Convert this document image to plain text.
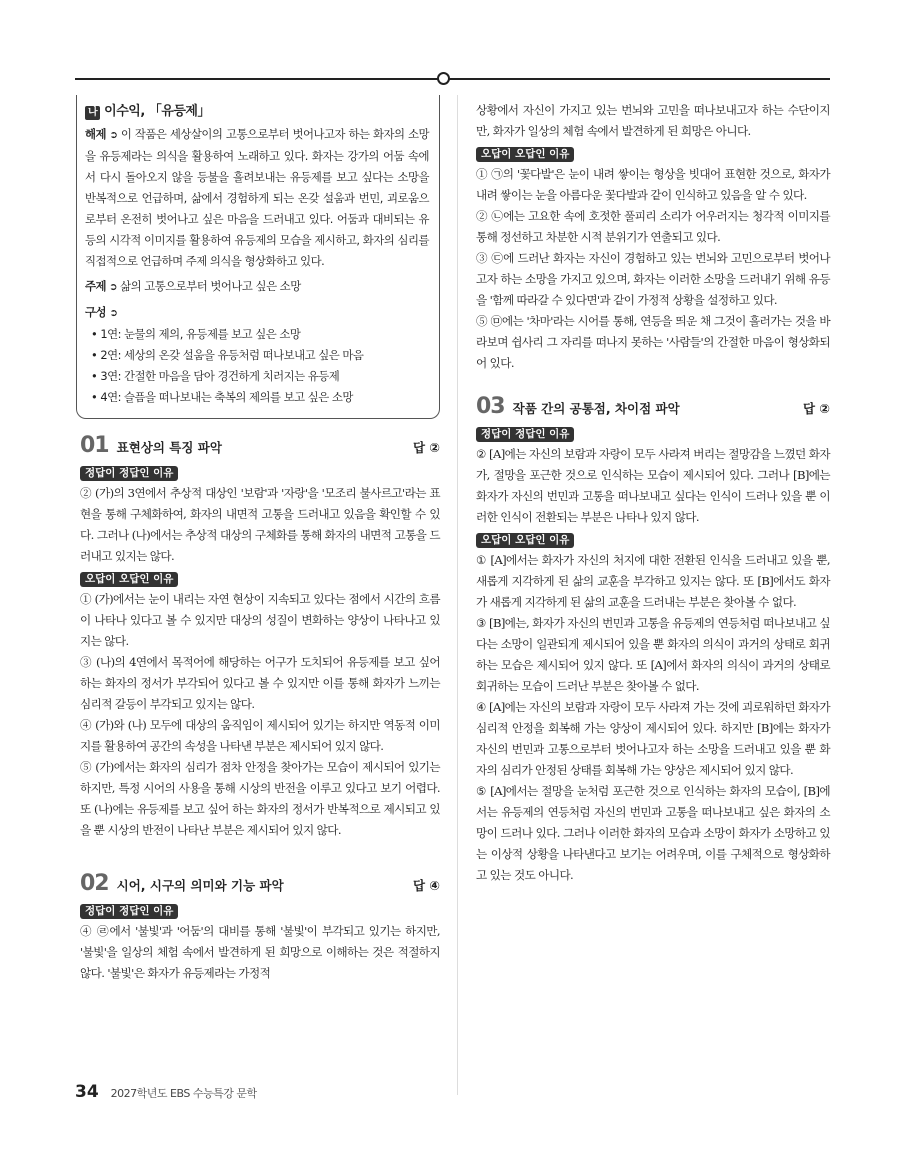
나 이수익, 「유등제」

해제 ➲ 이 작품은 세상살이의 고통으로부터 벗어나고자 하는 화자의 소망을 유등제라는 의식을 활용하여 노래하고 있다. 화자는 강가의 어둠 속에서 다시 돌아오지 않을 등불을 흘려보내는 유등제를 보고 싶다는 소망을 반복적으로 언급하며, 삶에서 경험하게 되는 온갖 설움과 번민, 괴로움으로부터 온전히 벗어나고 싶은 마음을 드러내고 있다. 어둠과 대비되는 유등의 시각적 이미지를 활용하여 유등제의 모습을 제시하고, 화자의 심리를 직접적으로 언급하며 주제 의식을 형상화하고 있다.

주제 ➲ 삶의 고통으로부터 벗어나고 싶은 소망

구성 ➲
• 1연: 눈물의 제의, 유등제를 보고 싶은 소망
• 2연: 세상의 온갖 설움을 유등처럼 떠나보내고 싶은 마음
• 3연: 간절한 마음을 담아 경건하게 치러지는 유등제
• 4연: 슬픔을 떠나보내는 축복의 제의를 보고 싶은 소망
01 표현상의 특징 파악	답 ②
정답이 정답인 이유

② (가)의 3연에서 추상적 대상인 '보람'과 '자랑'을 '모조리 불사르고'라는 표현을 통해 구체화하여, 화자의 내면적 고통을 드러내고 있음을 확인할 수 있다. 그러나 (나)에서는 추상적 대상의 구체화를 통해 화자의 내면적 고통을 드러내고 있지는 않다.

오답이 오답인 이유

① (가)에서는 눈이 내리는 자연 현상이 지속되고 있다는 점에서 시간의 흐름이 나타나 있다고 볼 수 있지만 대상의 성질이 변화하는 양상이 나타나고 있지는 않다.

③ (나)의 4연에서 목적어에 해당하는 어구가 도치되어 유등제를 보고 싶어 하는 화자의 정서가 부각되어 있다고 볼 수 있지만 이를 통해 화자가 느끼는 심리적 갈등이 부각되고 있지는 않다.

④ (가)와 (나) 모두에 대상의 움직임이 제시되어 있기는 하지만 역동적 이미지를 활용하여 공간의 속성을 나타낸 부분은 제시되어 있지 않다.

⑤ (가)에서는 화자의 심리가 점차 안정을 찾아가는 모습이 제시되어 있기는 하지만, 특정 시어의 사용을 통해 시상의 반전을 이루고 있다고 보기 어렵다. 또 (나)에는 유등제를 보고 싶어 하는 화자의 정서가 반복적으로 제시되고 있을 뿐 시상의 반전이 나타난 부분은 제시되어 있지 않다.

02 시어, 시구의 의미와 기능 파악	답 ④
정답이 정답인 이유

④ ㉣에서 '불빛'과 '어둠'의 대비를 통해 '불빛'이 부각되고 있기는 하지만, '불빛'을 일상의 체험 속에서 발견하게 된 희망으로 이해하는 것은 적절하지 않다. '불빛'은 화자가 유등제라는 가정적

상황에서 자신이 가지고 있는 번뇌와 고민을 떠나보내고자 하는 수단이지만, 화자가 일상의 체험 속에서 발견하게 된 희망은 아니다.

오답이 오답인 이유

① ㉠의 '꽃다발'은 눈이 내려 쌓이는 형상을 빗대어 표현한 것으로, 화자가 내려 쌓이는 눈을 아름다운 꽃다발과 같이 인식하고 있음을 알 수 있다.

② ㉡에는 고요한 속에 호젓한 풀피리 소리가 어우러지는 청각적 이미지를 통해 정선하고 차분한 시적 분위기가 연출되고 있다.

③ ㉢에 드러난 화자는 자신이 경험하고 있는 번뇌와 고민으로부터 벗어나고자 하는 소망을 가지고 있으며, 화자는 이러한 소망을 드러내기 위해 유등을 '함께 따라갈 수 있다면'과 같이 가정적 상황을 설정하고 있다.

⑤ ㉤에는 '차마'라는 시어를 통해, 연등을 띄운 채 그것이 흘러가는 것을 바라보며 쉽사리 그 자리를 떠나지 못하는 '사람들'의 간절한 마음이 형상화되어 있다.

03 작품 간의 공통점, 차이점 파악	답 ②
정답이 정답인 이유

② [A]에는 자신의 보람과 자랑이 모두 사라져 버리는 절망감을 느꼈던 화자가, 절망을 포근한 것으로 인식하는 모습이 제시되어 있다. 그러나 [B]에는 화자가 자신의 번민과 고통을 떠나보내고 싶다는 인식이 드러나 있을 뿐 이러한 인식이 전환되는 부분은 나타나 있지 않다.

오답이 오답인 이유

① [A]에서는 화자가 자신의 처지에 대한 전환된 인식을 드러내고 있을 뿐, 새롭게 지각하게 된 삶의 교훈을 부각하고 있지는 않다. 또 [B]에서도 화자가 새롭게 지각하게 된 삶의 교훈을 드러내는 부분은 찾아볼 수 없다.

③ [B]에는, 화자가 자신의 번민과 고통을 유등제의 연등처럼 떠나보내고 싶다는 소망이 일관되게 제시되어 있을 뿐 화자의 의식이 과거의 상태로 회귀하는 모습은 제시되어 있지 않다. 또 [A]에서 화자의 의식이 과거의 상태로 회귀하는 모습이 드러난 부분은 찾아볼 수 없다.

④ [A]에는 자신의 보람과 자랑이 모두 사라져 가는 것에 괴로워하던 화자가 심리적 안정을 회복해 가는 양상이 제시되어 있다. 하지만 [B]에는 화자가 자신의 번민과 고통으로부터 벗어나고자 하는 소망을 드러내고 있을 뿐 화자의 심리가 안정된 상태를 회복해 가는 양상은 제시되어 있지 않다.

⑤ [A]에서는 절망을 눈처럼 포근한 것으로 인식하는 화자의 모습이, [B]에서는 유등제의 연등처럼 자신의 번민과 고통을 떠나보내고 싶은 화자의 소망이 드러나 있다. 그러나 이러한 화자의 모습과 소망이 화자가 소망하고 있는 이상적 상황을 나타낸다고 보기는 어려우며, 이를 구체적으로 형상화하고 있는 것도 아니다.

34 2027학년도 EBS 수능특강 문학
